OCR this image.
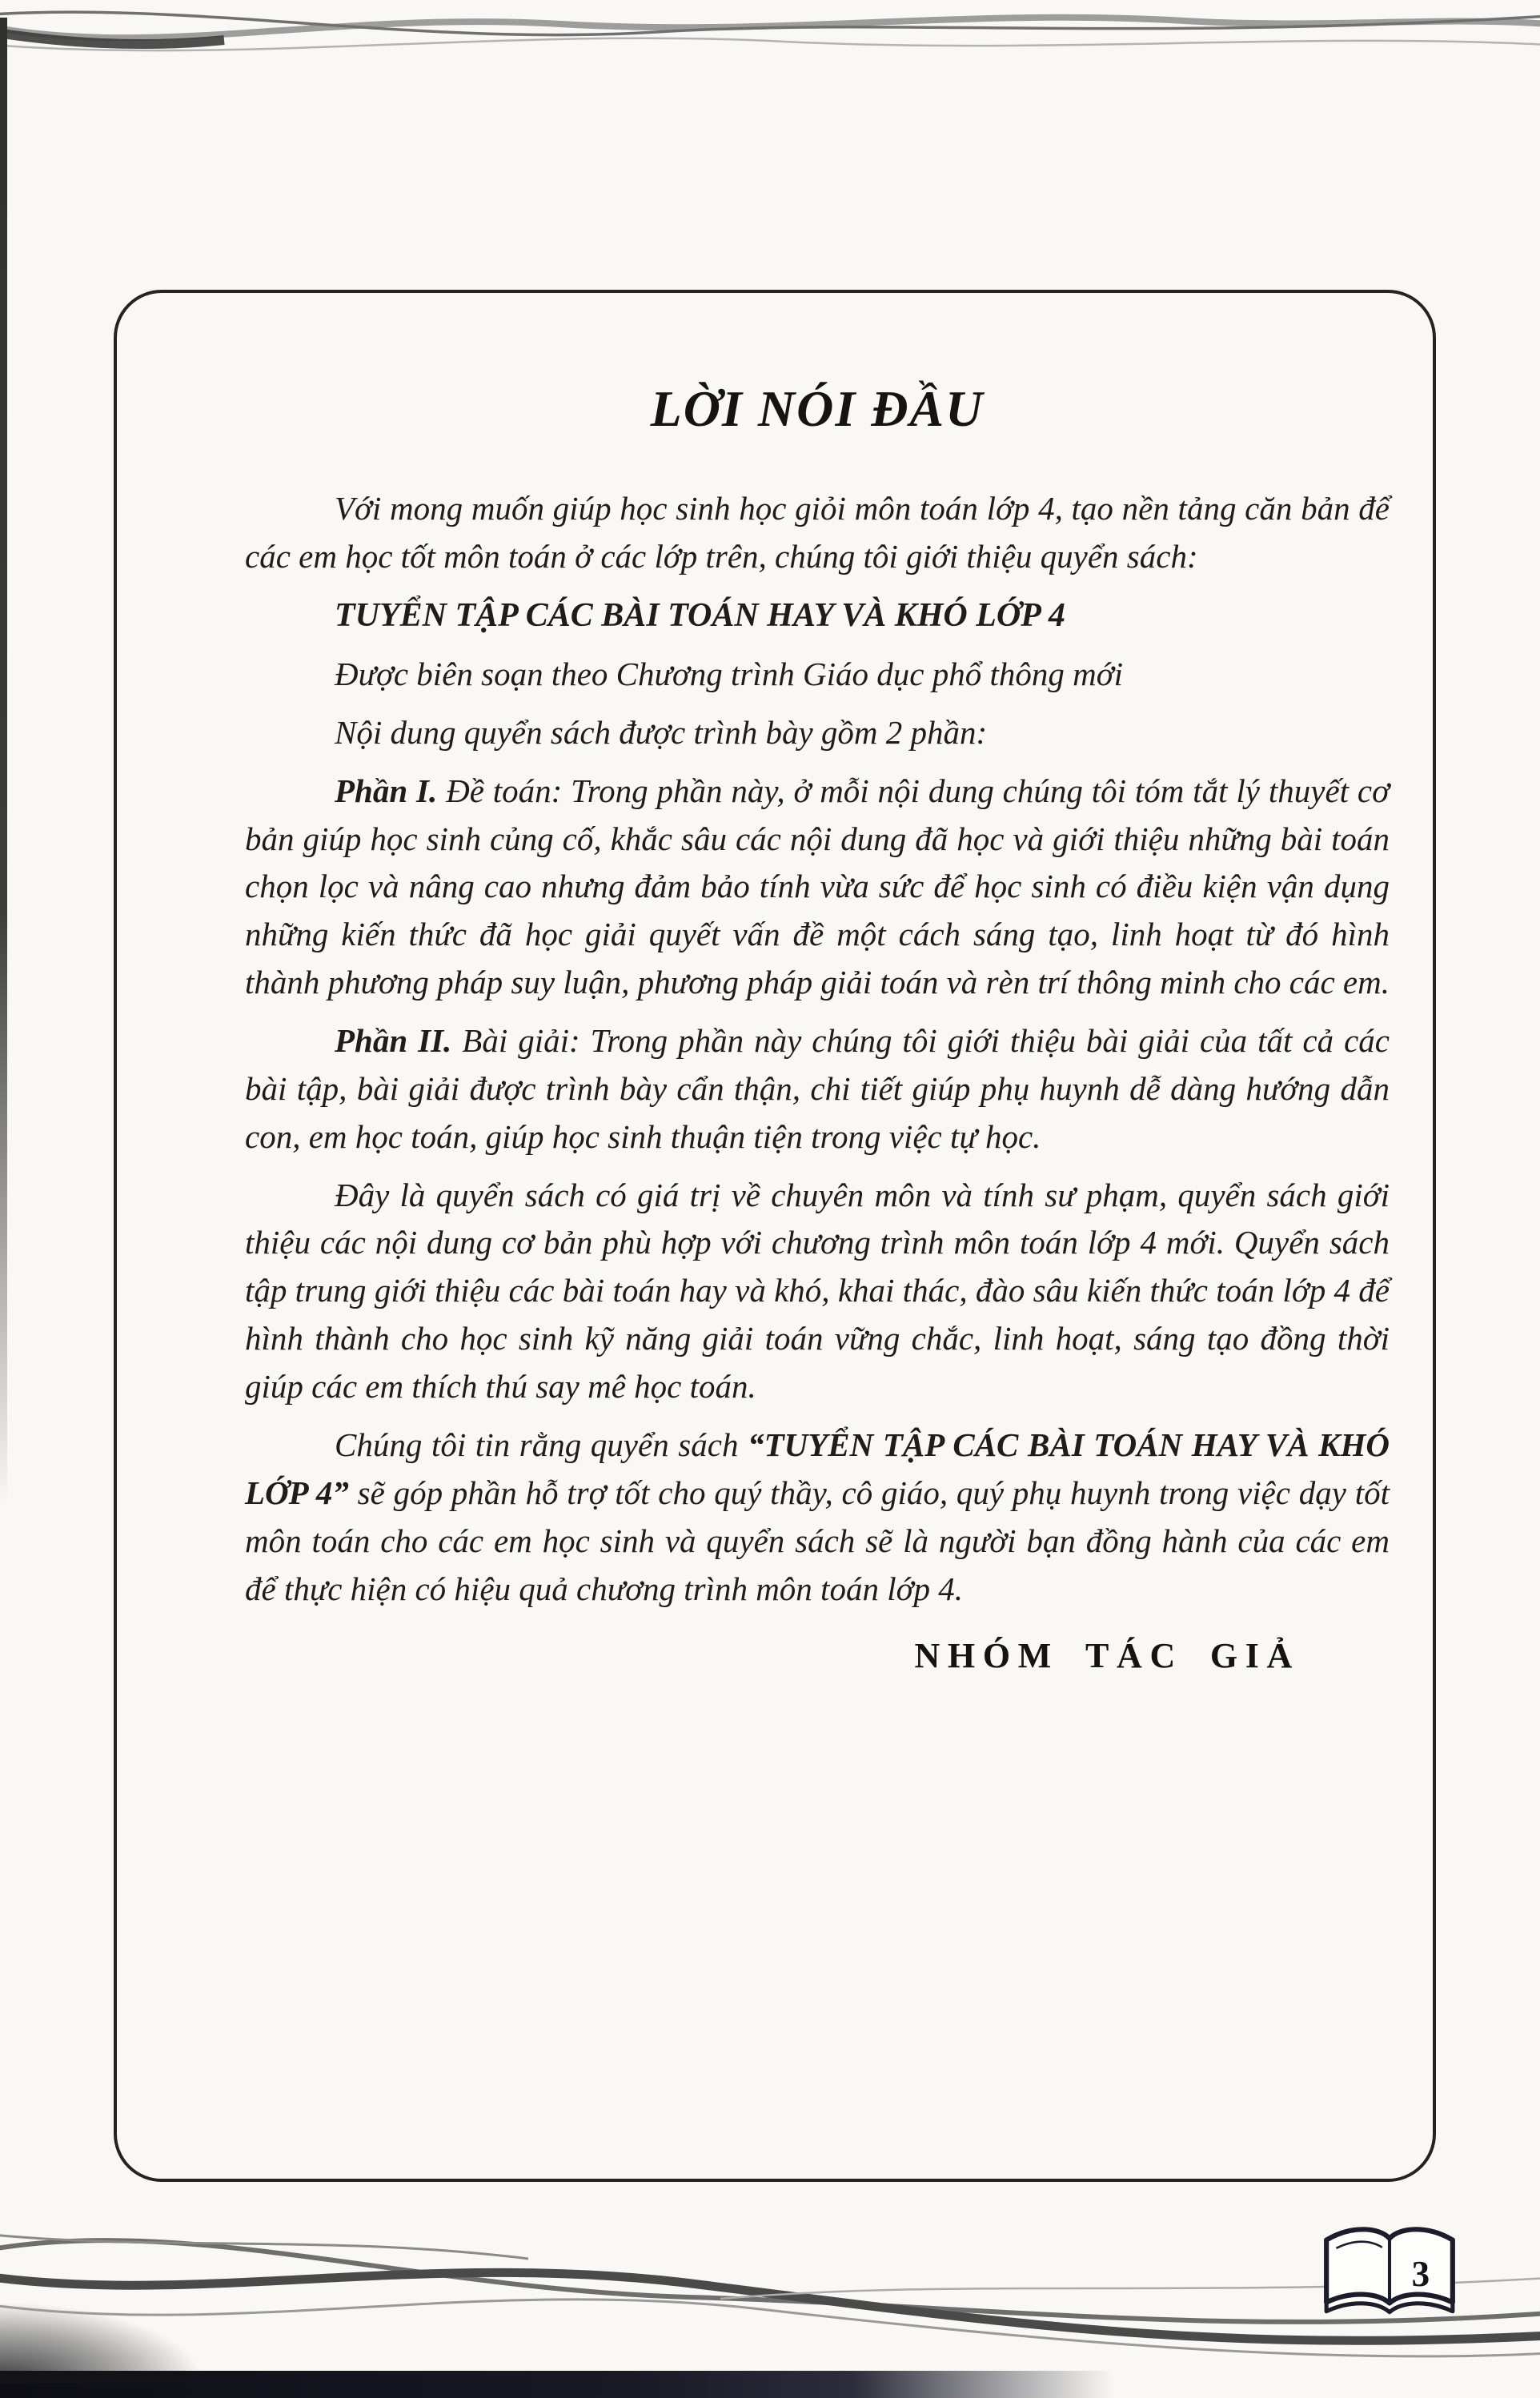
LỜI NÓI ĐẦU

Với mong muốn giúp học sinh học giỏi môn toán lớp 4, tạo nền tảng căn bản để các em học tốt môn toán ở các lớp trên, chúng tôi giới thiệu quyển sách:

TUYỂN TẬP CÁC BÀI TOÁN HAY VÀ KHÓ LỚP 4

Được biên soạn theo Chương trình Giáo dục phổ thông mới

Nội dung quyển sách được trình bày gồm 2 phần:

Phần I. Đề toán: Trong phần này, ở mỗi nội dung chúng tôi tóm tắt lý thuyết cơ bản giúp học sinh củng cố, khắc sâu các nội dung đã học và giới thiệu những bài toán chọn lọc và nâng cao nhưng đảm bảo tính vừa sức để học sinh có điều kiện vận dụng những kiến thức đã học giải quyết vấn đề một cách sáng tạo, linh hoạt từ đó hình thành phương pháp suy luận, phương pháp giải toán và rèn trí thông minh cho các em.

Phần II. Bài giải: Trong phần này chúng tôi giới thiệu bài giải của tất cả các bài tập, bài giải được trình bày cẩn thận, chi tiết giúp phụ huynh dễ dàng hướng dẫn con, em học toán, giúp học sinh thuận tiện trong việc tự học.

Đây là quyển sách có giá trị về chuyên môn và tính sư phạm, quyển sách giới thiệu các nội dung cơ bản phù hợp với chương trình môn toán lớp 4 mới. Quyển sách tập trung giới thiệu các bài toán hay và khó, khai thác, đào sâu kiến thức toán lớp 4 để hình thành cho học sinh kỹ năng giải toán vững chắc, linh hoạt, sáng tạo đồng thời giúp các em thích thú say mê học toán.

Chúng tôi tin rằng quyển sách “TUYỂN TẬP CÁC BÀI TOÁN HAY VÀ KHÓ LỚP 4” sẽ góp phần hỗ trợ tốt cho quý thầy, cô giáo, quý phụ huynh trong việc dạy tốt môn toán cho các em học sinh và quyển sách sẽ là người bạn đồng hành của các em để thực hiện có hiệu quả chương trình môn toán lớp 4.

NHÓM TÁC GIẢ

3
